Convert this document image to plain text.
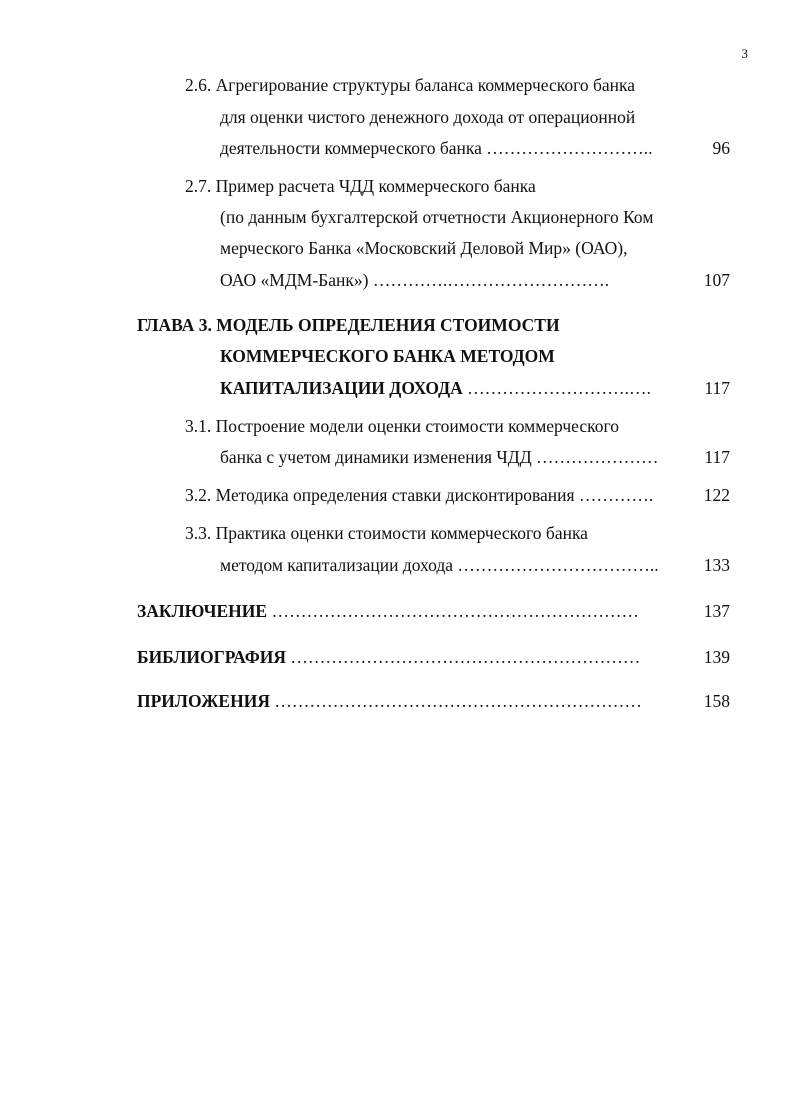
3
2.6. Агрегирование структуры баланса коммерческого банка
для оценки чистого денежного дохода от операционной
деятельности коммерческого банка ………………………..	96
2.7. Пример расчета ЧДД коммерческого банка
(по данным бухгалтерской отчетности Акционерного Ком
мерческого Банка «Московский Деловой Мир» (ОАО),
ОАО «МДМ-Банк») ………….……………………….	107
ГЛАВА 3. МОДЕЛЬ ОПРЕДЕЛЕНИЯ СТОИМОСТИ
КОММЕРЧЕСКОГО БАНКА МЕТОДОМ
КАПИТАЛИЗАЦИИ ДОХОДА ……………………….….	117
3.1. Построение модели оценки стоимости коммерческого
банка с учетом динамики изменения ЧДД …………………	117
3.2. Методика определения ставки дисконтирования ………….	122
3.3. Практика оценки стоимости коммерческого банка
методом капитализации дохода ……………………………..	133
ЗАКЛЮЧЕНИЕ ………………………………………………………	137
БИБЛИОГРАФИЯ ……………………………………………………	139
ПРИЛОЖЕНИЯ ………………………………………………………	158
